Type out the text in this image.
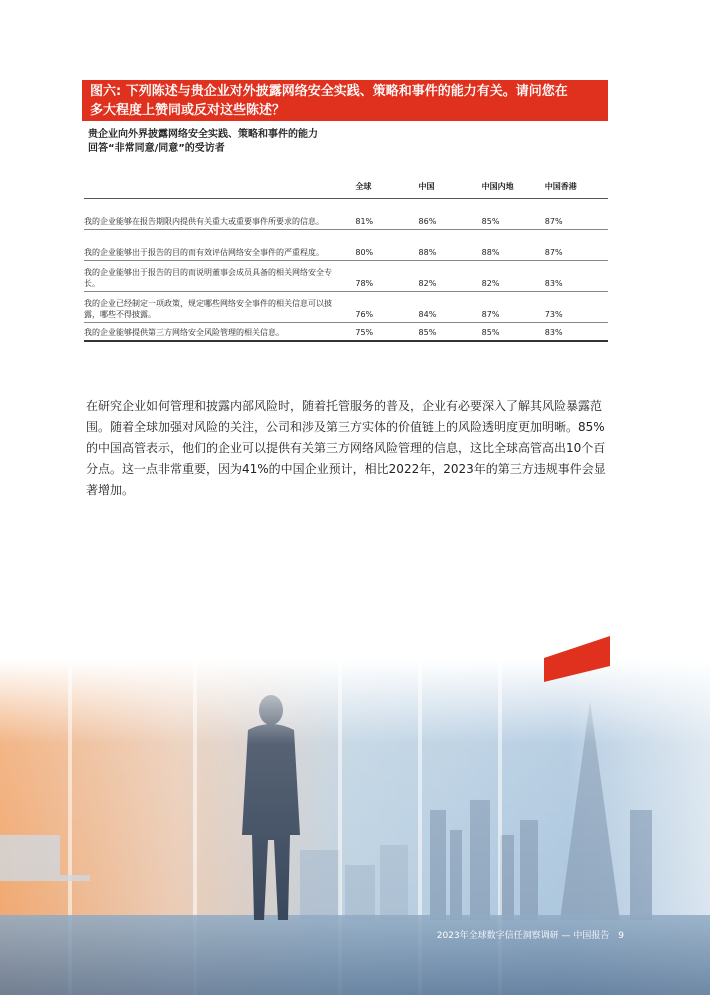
图六: 下列陈述与贵企业对外披露网络安全实践、策略和事件的能力有关。请问您在
多大程度上赞同或反对这些陈述？
贵企业向外界披露网络安全实践、策略和事件的能力
回答“非常同意/同意”的受访者
	全球	中国	中国内地	中国香港
我的企业能够在报告期限内提供有关重大或重要事件所要求的信息。	81%	86%	85%	87%
我的企业能够出于报告的目的而有效评估网络安全事件的严重程度。	80%	88%	88%	87%
我的企业能够出于报告的目的而说明董事会成员具备的相关网络安全专长。	78%	82%	82%	83%
我的企业已经制定一项政策，规定哪些网络安全事件的相关信息可以披露，哪些不得披露。	76%	84%	87%	73%
我的企业能够提供第三方网络安全风险管理的相关信息。	75%	85%	85%	83%
在研究企业如何管理和披露内部风险时，随着托管服务的普及，企业有必要深入了解其风险暴露范围。随着全球加强对风险的关注，公司和涉及第三方实体的价值链上的风险透明度更加明晰。85%的中国高管表示，他们的企业可以提供有关第三方网络风险管理的信息，这比全球高管高出10个百分点。这一点非常重要，因为41%的中国企业预计，相比2022年，2023年的第三方违规事件会显著增加。
2023年全球数字信任洞察调研 — 中国报告 9
